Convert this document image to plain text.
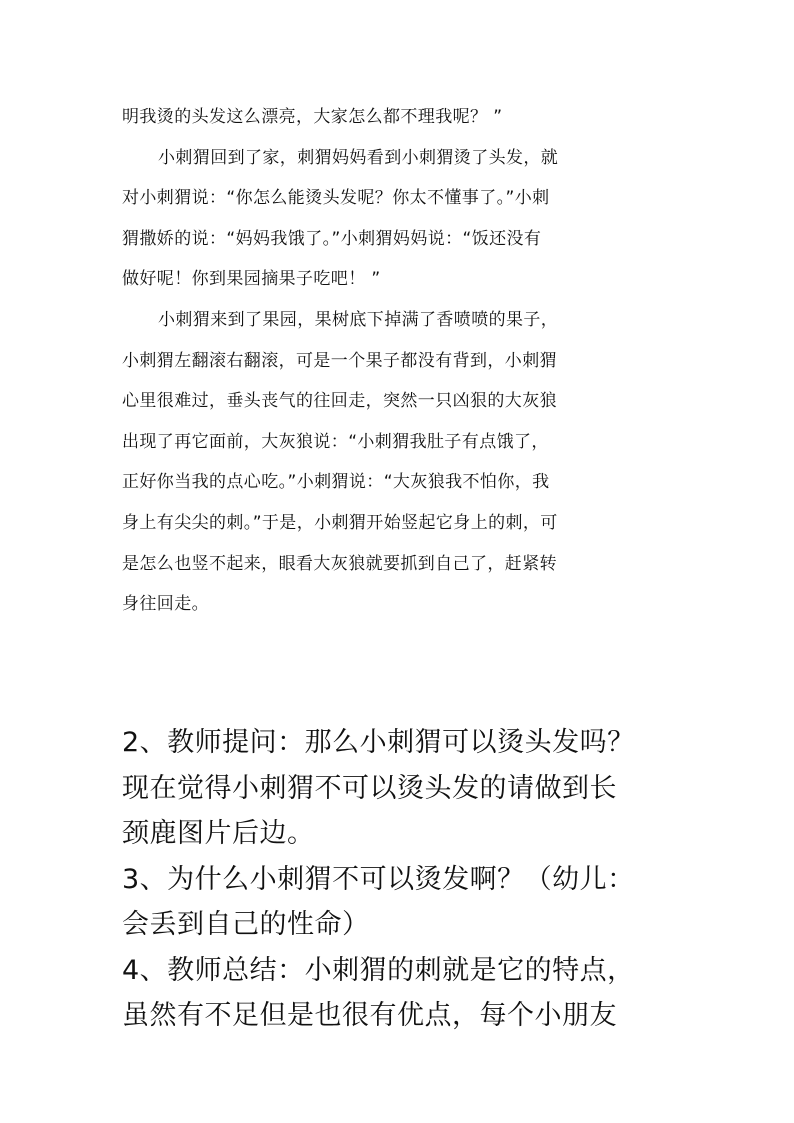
明我烫的头发这么漂亮，大家怎么都不理我呢？ ”

小刺猬回到了家，刺猬妈妈看到小刺猬烫了头发，就
对小刺猬说：“你怎么能烫头发呢？你太不懂事了。”小刺
猬撒娇的说：“妈妈我饿了。”小刺猬妈妈说：“饭还没有
做好呢！你到果园摘果子吃吧！ ”

小刺猬来到了果园，果树底下掉满了香喷喷的果子，
小刺猬左翻滚右翻滚，可是一个果子都没有背到，小刺猬
心里很难过，垂头丧气的往回走，突然一只凶狠的大灰狼
出现了再它面前，大灰狼说：“小刺猬我肚子有点饿了，
正好你当我的点心吃。”小刺猬说：“大灰狼我不怕你，我
身上有尖尖的刺。”于是，小刺猬开始竖起它身上的刺，可
是怎么也竖不起来，眼看大灰狼就要抓到自己了，赶紧转
身往回走。

2、教师提问：那么小刺猬可以烫头发吗？
现在觉得小刺猬不可以烫头发的请做到长
颈鹿图片后边。

3、为什么小刺猬不可以烫发啊？（幼儿：
会丢到自己的性命）

4、教师总结：小刺猬的刺就是它的特点，
虽然有不足但是也很有优点，每个小朋友
